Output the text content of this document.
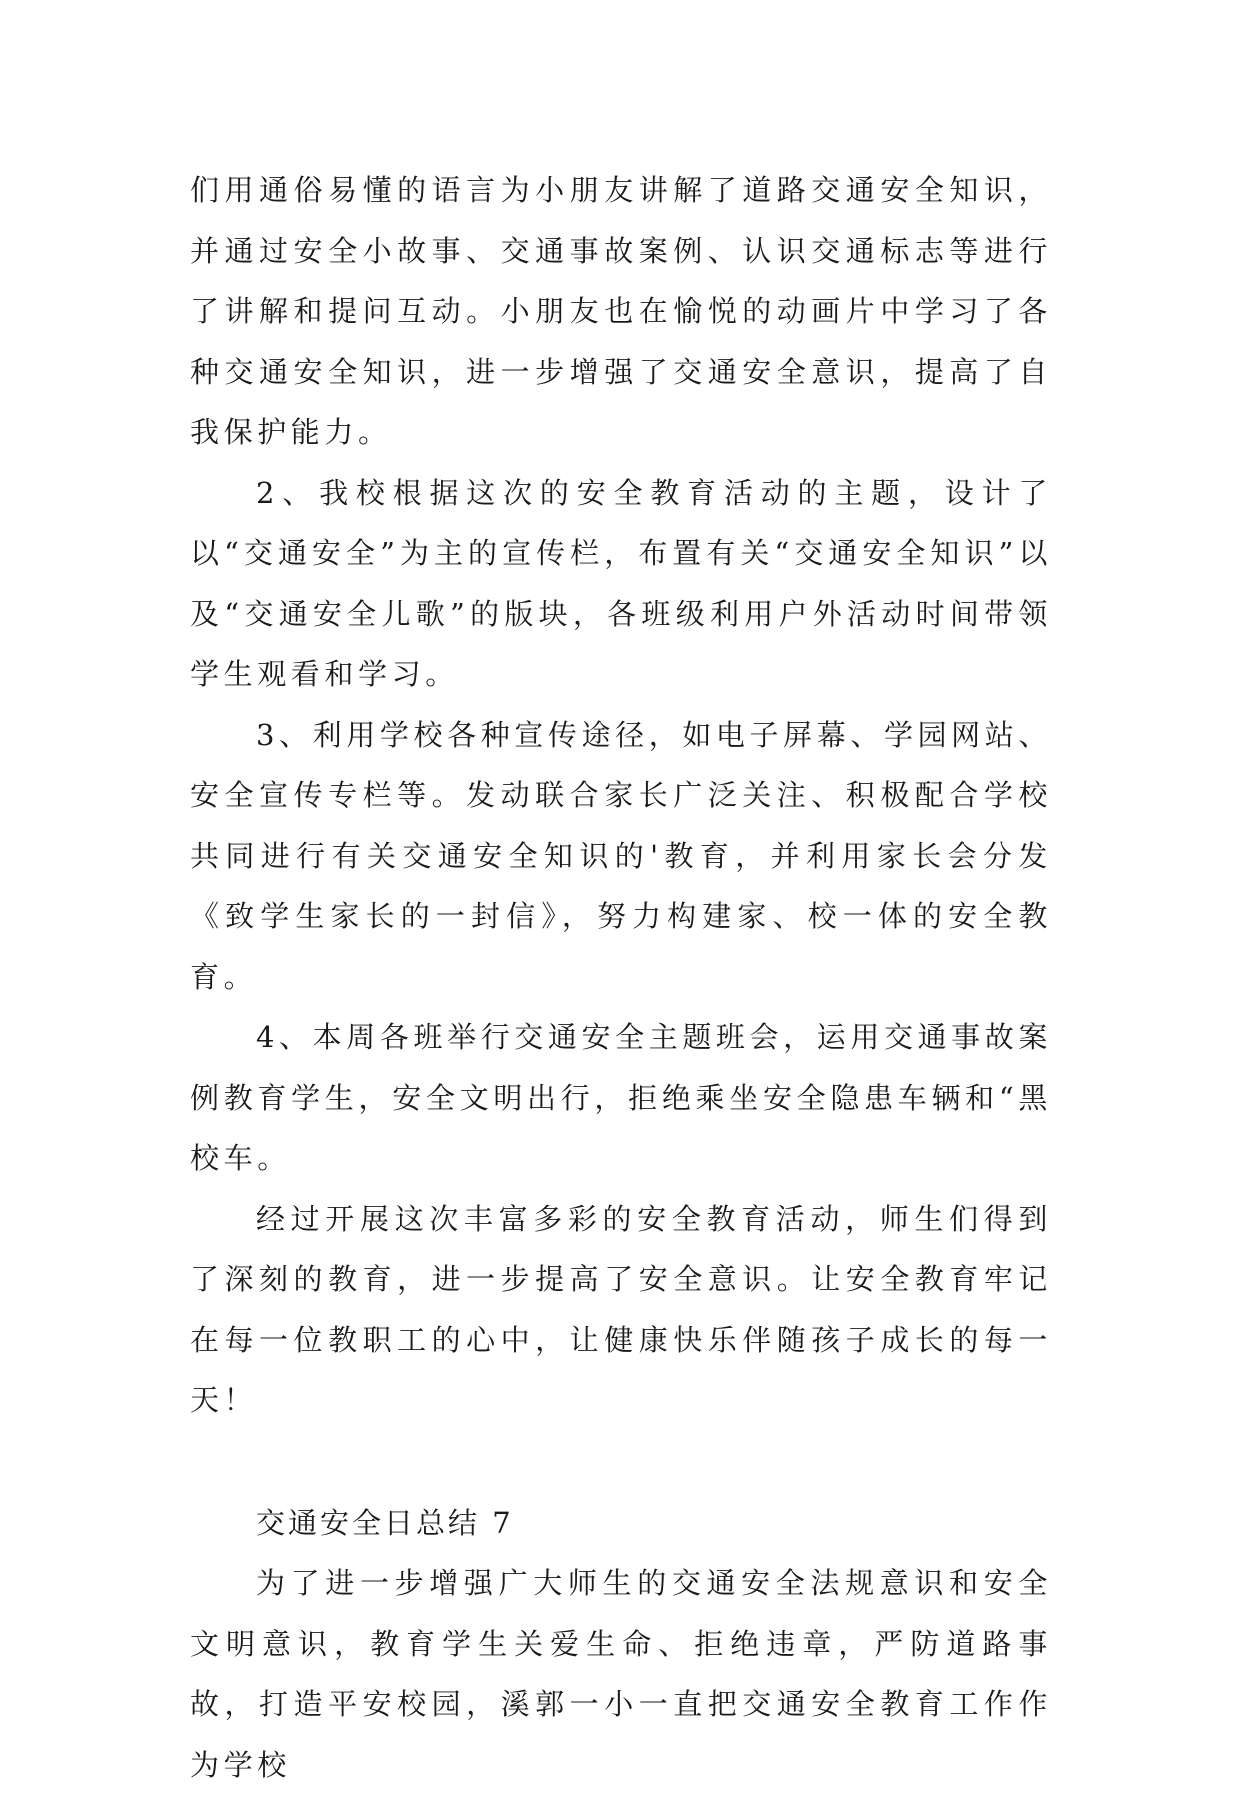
们用通俗易懂的语言为小朋友讲解了道路交通安全知识，并通过安全小故事、交通事故案例、认识交通标志等进行了讲解和提问互动。小朋友也在愉悦的动画片中学习了各种交通安全知识，进一步增强了交通安全意识，提高了自我保护能力。

2、我校根据这次的安全教育活动的主题，设计了以“交通安全”为主的宣传栏，布置有关“交通安全知识”以及“交通安全儿歌”的版块，各班级利用户外活动时间带领学生观看和学习。

3、利用学校各种宣传途径，如电子屏幕、学园网站、安全宣传专栏等。发动联合家长广泛关注、积极配合学校共同进行有关交通安全知识的'教育，并利用家长会分发《致学生家长的一封信》，努力构建家、校一体的安全教育。

4、本周各班举行交通安全主题班会，运用交通事故案例教育学生，安全文明出行，拒绝乘坐安全隐患车辆和“黑校车。

经过开展这次丰富多彩的安全教育活动，师生们得到了深刻的教育，进一步提高了安全意识。让安全教育牢记在每一位教职工的心中，让健康快乐伴随孩子成长的每一天！

交通安全日总结 7

为了进一步增强广大师生的交通安全法规意识和安全文明意识，教育学生关爱生命、拒绝违章，严防道路事故，打造平安校园，溪郭一小一直把交通安全教育工作作为学校
